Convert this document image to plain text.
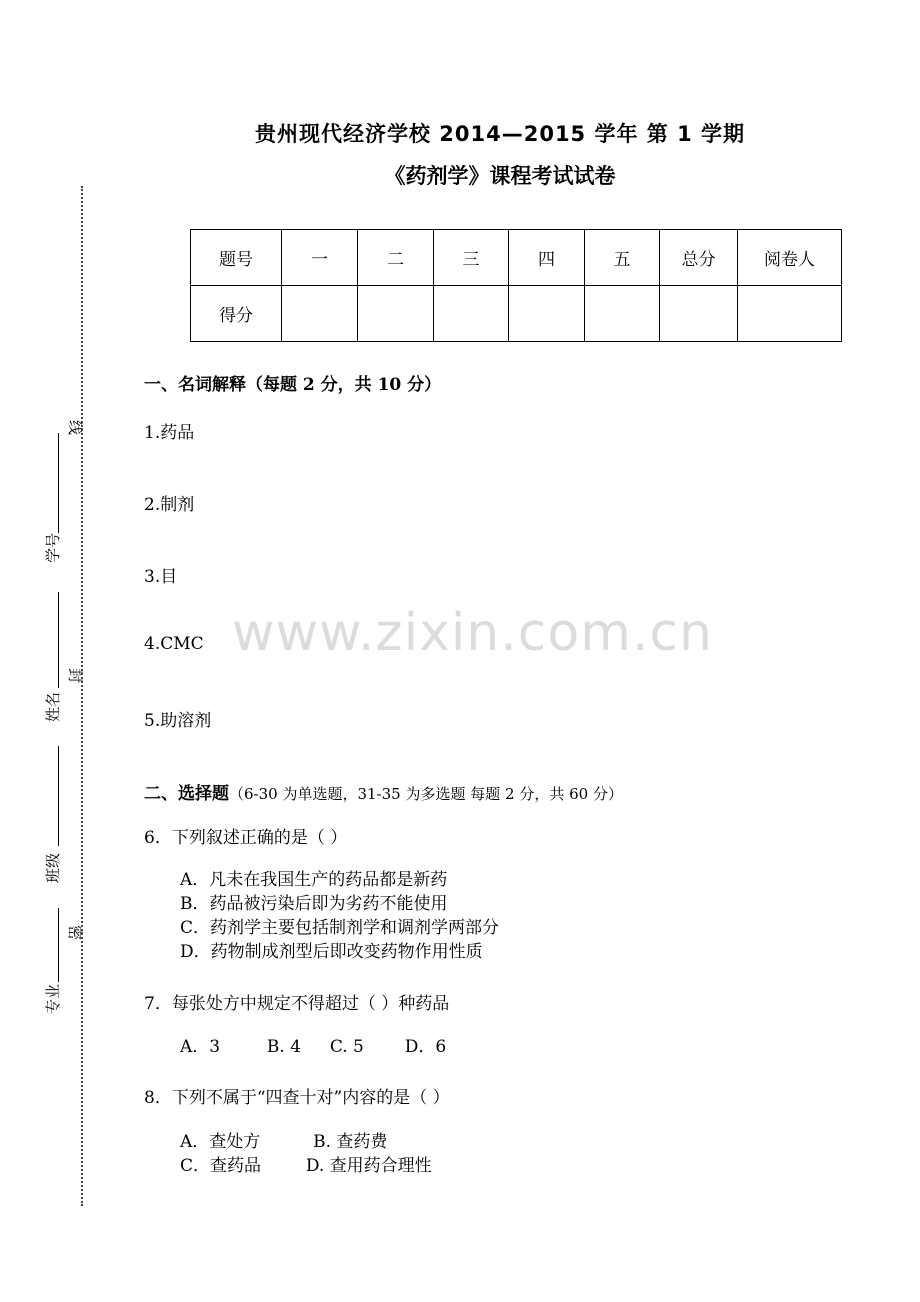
线
封
密
学号
姓名
班级
专业
贵州现代经济学校 2014—2015 学年 第 1 学期
《药剂学》课程考试试卷
题号	一	二	三	四	五	总分	阅卷人
得分							
一、名词解释（每题 2 分，共 10 分）
1.药品
2.制剂
3.目
4.CMC
5.助溶剂
www.zixin.com.cn
二、选择题（6-30 为单选题，31-35 为多选题 每题 2 分，共 60 分）
6．下列叙述正确的是（ ）
A．凡未在我国生产的药品都是新药
B．药品被污染后即为劣药不能使用
C．药剂学主要包括制剂学和调剂学两部分
D．药物制成剂型后即改变药物作用性质
7．每张处方中规定不得超过（ ）种药品
A．3	B. 4 C. 5 D．6
8．下列不属于“四查十对”内容的是（ ）
A．查处方	B. 查药费
C．查药品	D. 查用药合理性
